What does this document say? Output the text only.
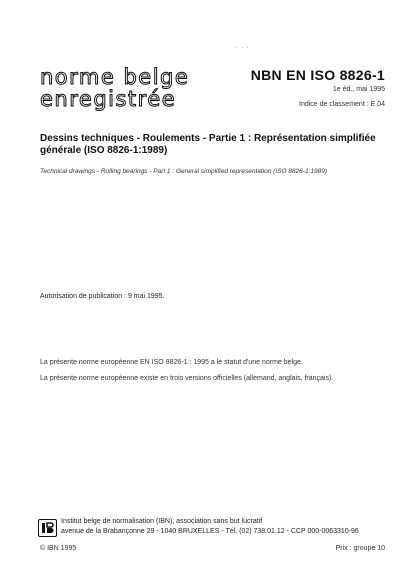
. . .
norme belge
enregistrée
NBN EN ISO 8826-1
1e éd., mai 1995
Indice de classement : E 04
Dessins techniques - Roulements - Partie 1 : Représentation simplifiée générale (ISO 8826-1:1989)
Technical drawings - Rolling bearings - Part 1 : General simplified representation (ISO 8826-1:1989)
Autorisation de publication : 9 mai 1995.
La présente norme européenne EN ISO 8826-1 : 1995 a le statut d'une norme belge.
La présente norme européenne existe en trois versions officielles (allemand, anglais, français).
Institut belge de normalisation (IBN), association sans but lucratif
avenue de la Brabançonne 29 - 1040 BRUXELLES - Tél. (02) 738.01.12 - CCP 000-0063310-96
© IBN 1995	Prix : groupe 10
